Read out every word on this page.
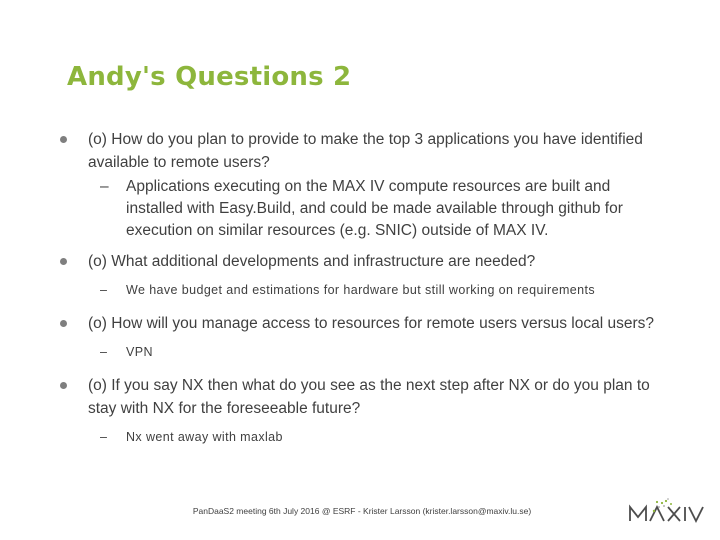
Andy's Questions 2
(o) How do you plan to provide to make the top 3 applications you have identified available to remote users?
– Applications executing on the MAX IV compute resources are built and installed with Easy.Build, and could be made available through github for execution on similar resources (e.g. SNIC) outside of MAX IV.
(o) What additional developments and infrastructure are needed?
– We have budget and estimations for hardware but still working on requirements
(o) How will you manage access to resources for remote users versus local users?
– VPN
(o) If you say NX then what do you see as the next step after NX or do you plan to stay with NX for the foreseeable future?
– Nx went away with maxlab
PanDaaS2 meeting 6th July 2016 @ ESRF - Krister Larsson (krister.larsson@maxiv.lu.se)
